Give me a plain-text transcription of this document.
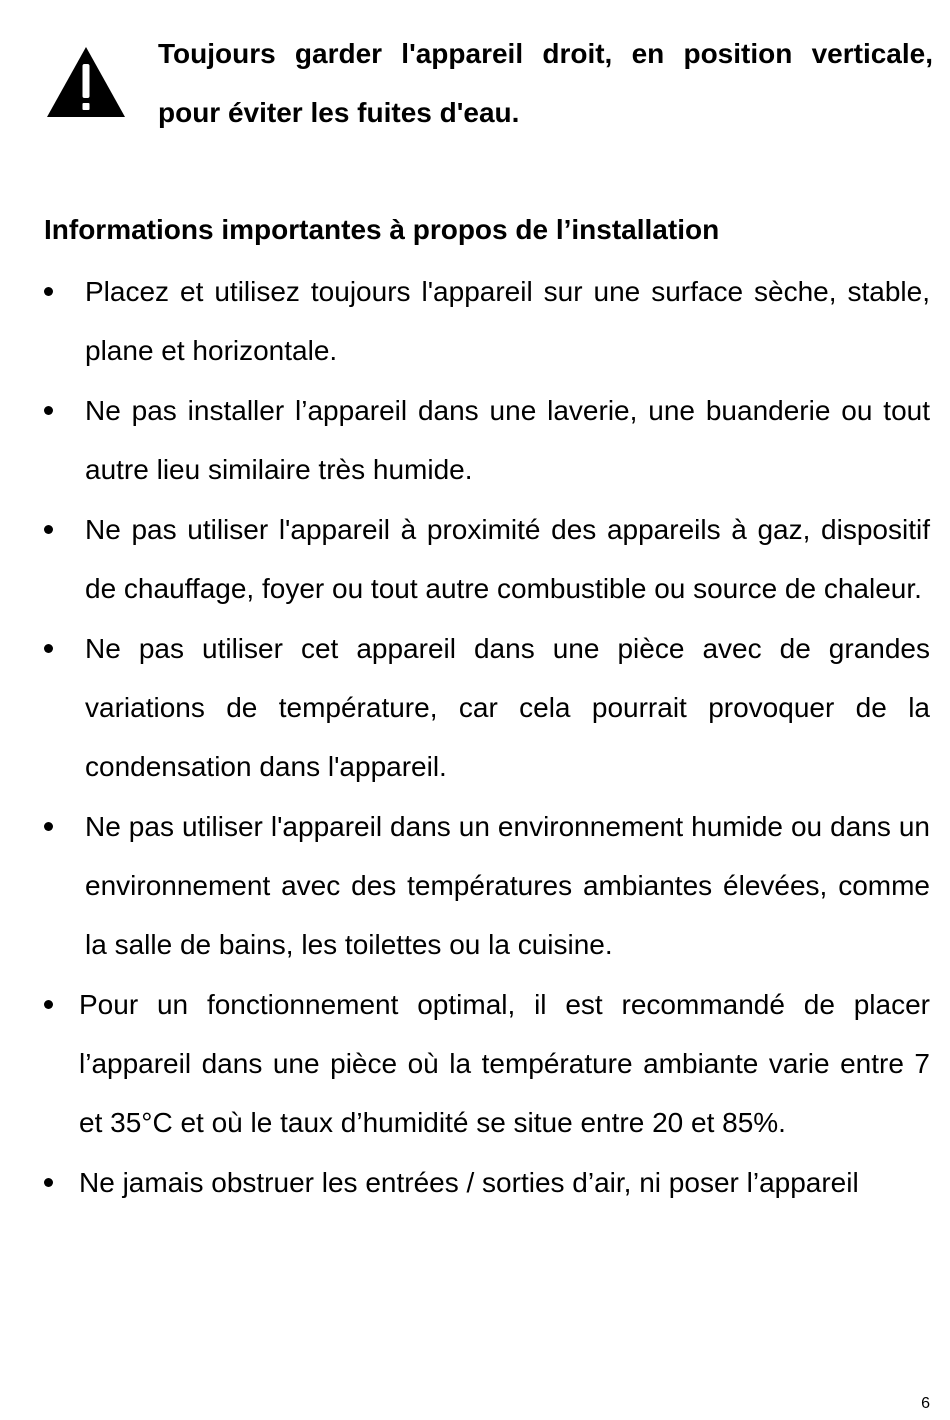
Toujours garder l'appareil droit, en position verticale, pour éviter les fuites d'eau.
Informations importantes à propos de l’installation
Placez et utilisez toujours l'appareil sur une surface sèche, stable, plane et horizontale.
Ne pas installer l’appareil dans une laverie, une buanderie ou tout autre lieu similaire très humide.
Ne pas utiliser l'appareil à proximité des appareils à gaz, dispositif de chauffage, foyer ou tout autre combustible ou source de chaleur.
Ne pas utiliser cet appareil dans une pièce avec de grandes variations de température, car cela pourrait provoquer de la condensation dans l'appareil.
Ne pas utiliser l'appareil dans un environnement humide ou dans un environnement avec des températures ambiantes élevées, comme la salle de bains, les toilettes ou la cuisine.
Pour un fonctionnement optimal, il est recommandé de placer l’appareil dans une pièce où la température ambiante varie entre 7 et 35°C et où le taux d’humidité se situe entre 20 et 85%.
Ne jamais obstruer les entrées / sorties d’air, ni poser l’appareil
6
